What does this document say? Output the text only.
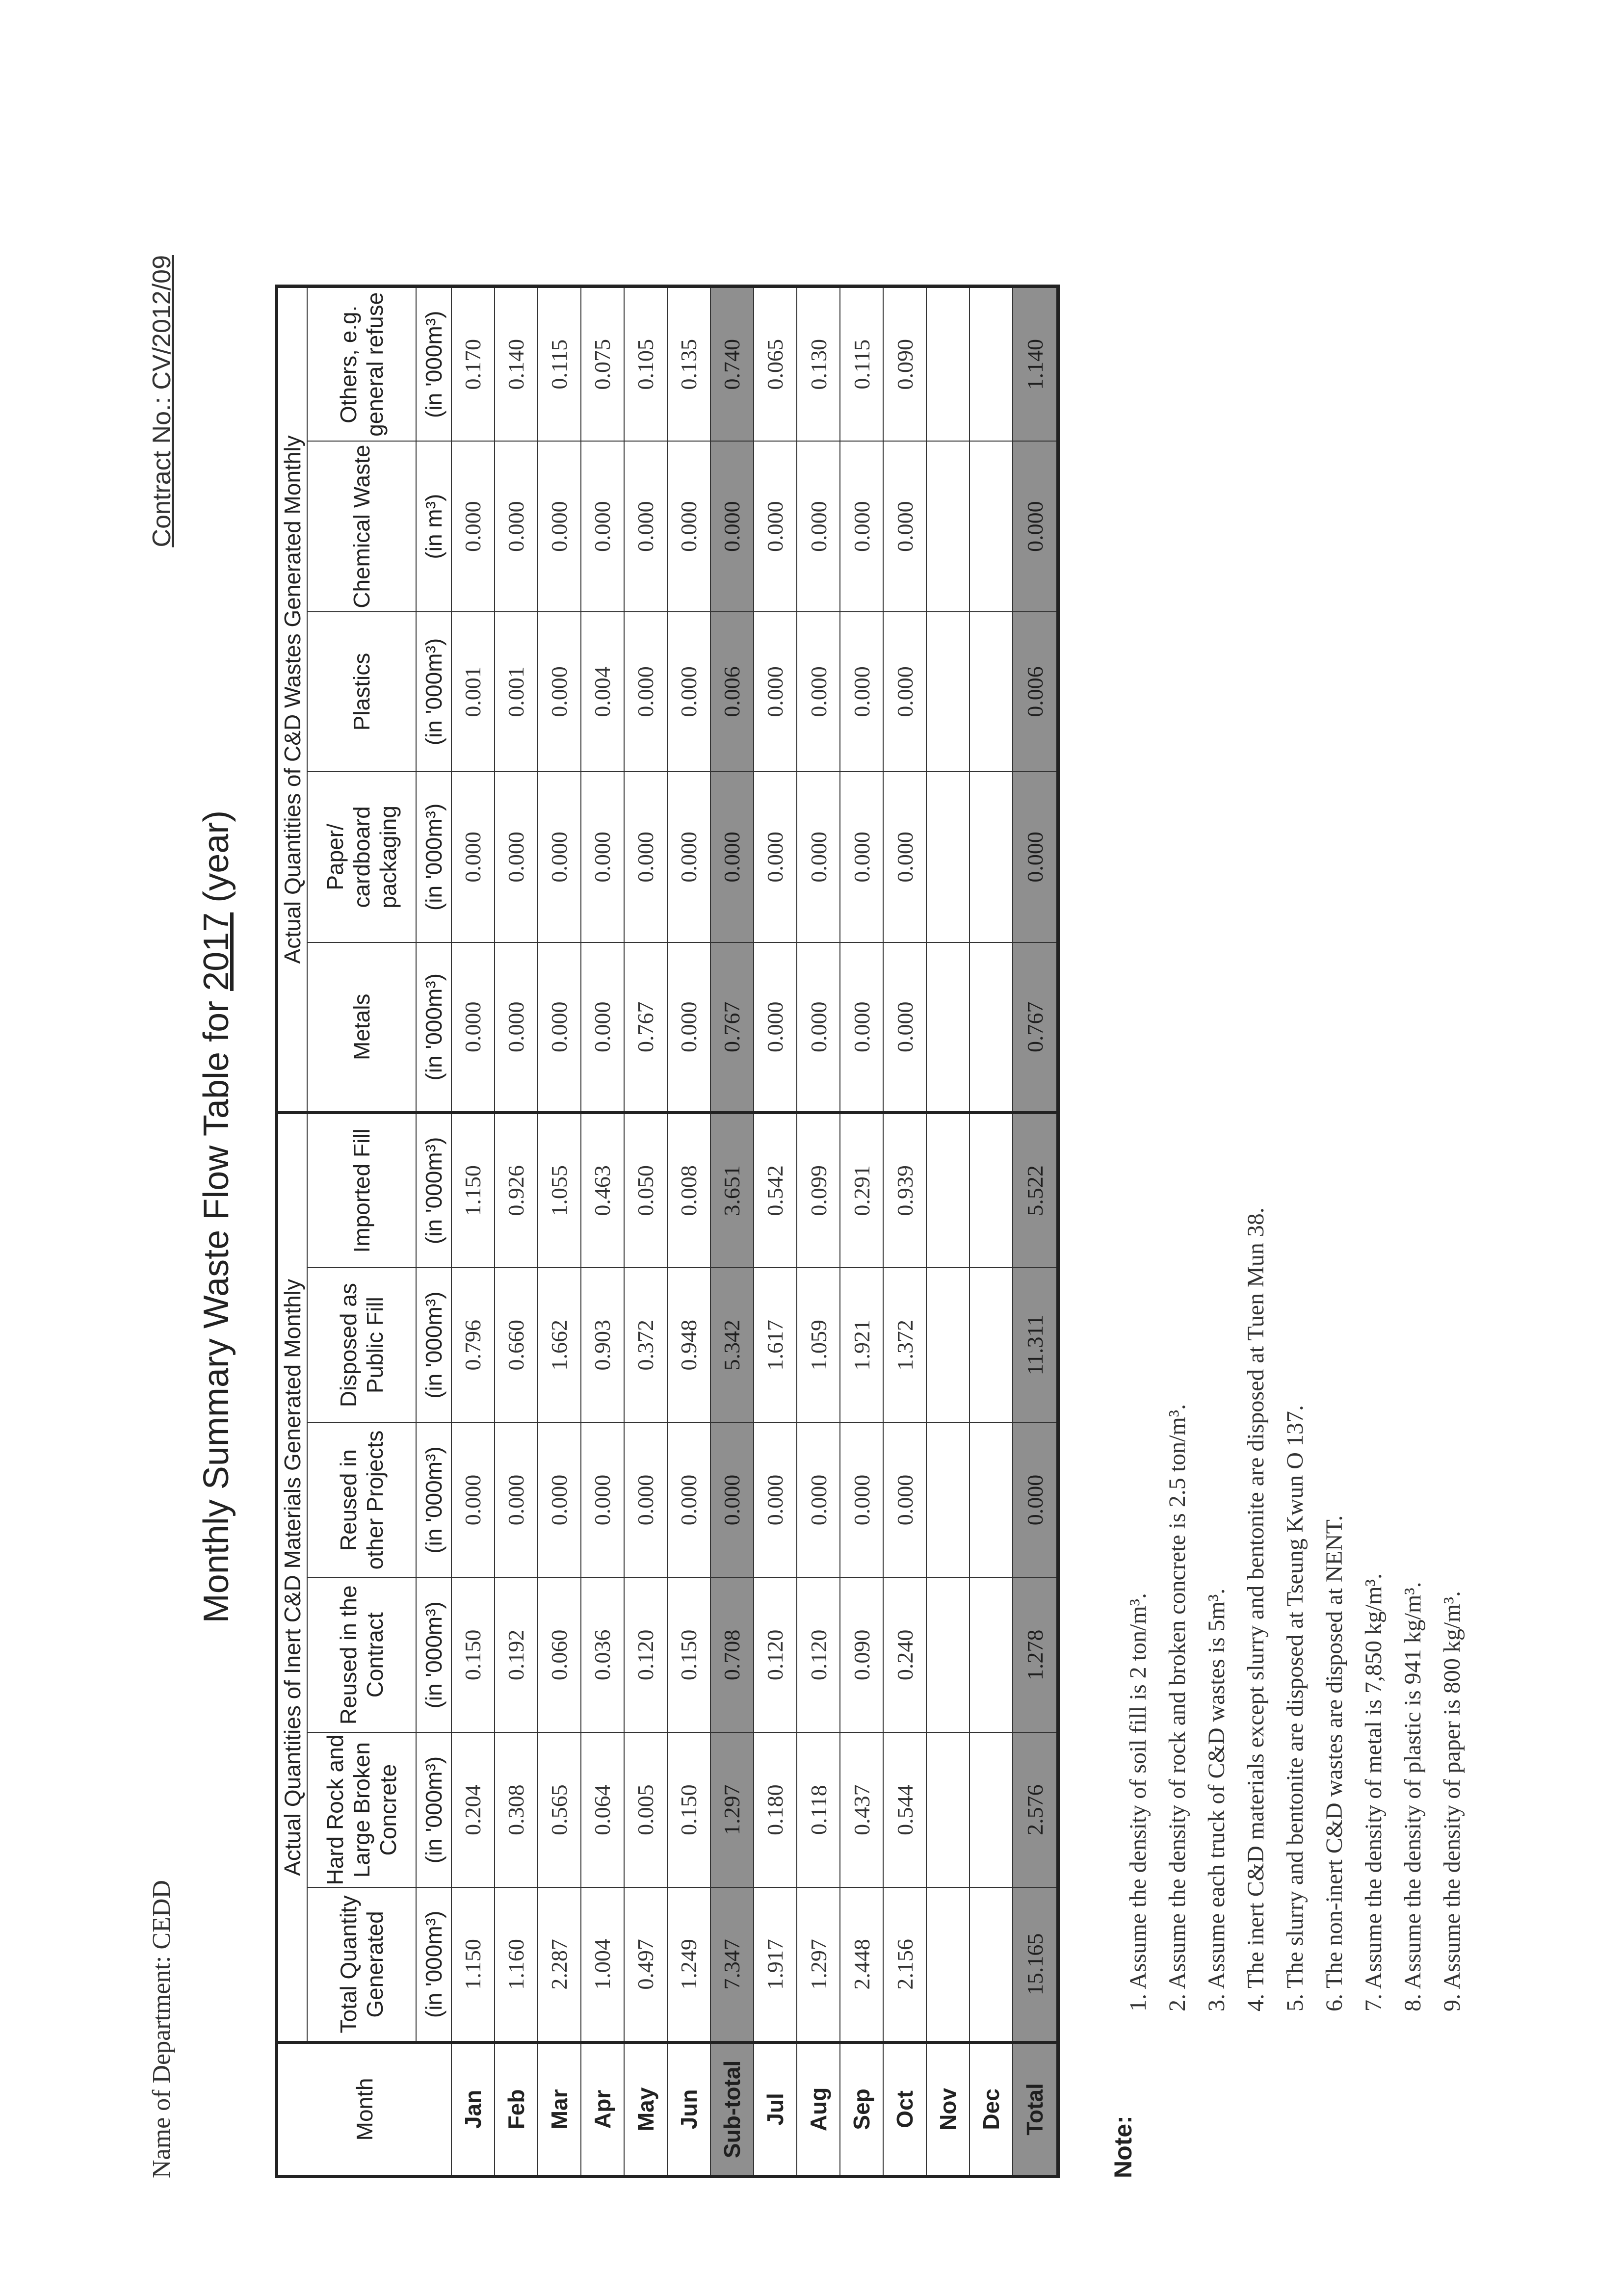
Name of Department: CEDD
Contract No.: CV/2012/09
Monthly Summary Waste Flow Table for 2017 (year)
Month	Actual Quantities of Inert C&D Materials Generated Monthly						Actual Quantities of C&D Wastes Generated Monthly				
	Total Quantity Generated	Hard Rock and Large Broken Concrete	Reused in the Contract	Reused in other Projects	Disposed as Public Fill	Imported Fill	Metals	Paper/ cardboard packaging	Plastics	Chemical Waste	Others, e.g. general refuse
	(in '000m³)	(in '000m³)	(in '000m³)	(in '000m³)	(in '000m³)	(in '000m³)	(in '000m³)	(in '000m³)	(in '000m³)	(in m³)	(in '000m³)
Jan	1.150	0.204	0.150	0.000	0.796	1.150	0.000	0.000	0.001	0.000	0.170
Feb	1.160	0.308	0.192	0.000	0.660	0.926	0.000	0.000	0.001	0.000	0.140
Mar	2.287	0.565	0.060	0.000	1.662	1.055	0.000	0.000	0.000	0.000	0.115
Apr	1.004	0.064	0.036	0.000	0.903	0.463	0.000	0.000	0.004	0.000	0.075
May	0.497	0.005	0.120	0.000	0.372	0.050	0.767	0.000	0.000	0.000	0.105
Jun	1.249	0.150	0.150	0.000	0.948	0.008	0.000	0.000	0.000	0.000	0.135
Sub-total	7.347	1.297	0.708	0.000	5.342	3.651	0.767	0.000	0.006	0.000	0.740
Jul	1.917	0.180	0.120	0.000	1.617	0.542	0.000	0.000	0.000	0.000	0.065
Aug	1.297	0.118	0.120	0.000	1.059	0.099	0.000	0.000	0.000	0.000	0.130
Sep	2.448	0.437	0.090	0.000	1.921	0.291	0.000	0.000	0.000	0.000	0.115
Oct	2.156	0.544	0.240	0.000	1.372	0.939	0.000	0.000	0.000	0.000	0.090
Nov											
Dec											
Total	15.165	2.576	1.278	0.000	11.311	5.522	0.767	0.000	0.006	0.000	1.140
Note:
1. Assume the density of soil fill is 2 ton/m³. 2. Assume the density of rock and broken concrete is 2.5 ton/m³. 3. Assume each truck of C&D wastes is 5m³. 4. The inert C&D materials except slurry and bentonite are disposed at Tuen Mun 38. 5. The slurry and bentonite are disposed at Tseung Kwun O 137. 6. The non-inert C&D wastes are disposed at NENT. 7. Assume the density of metal is 7,850 kg/m³. 8. Assume the density of plastic is 941 kg/m³. 9. Assume the density of paper is 800 kg/m³.
